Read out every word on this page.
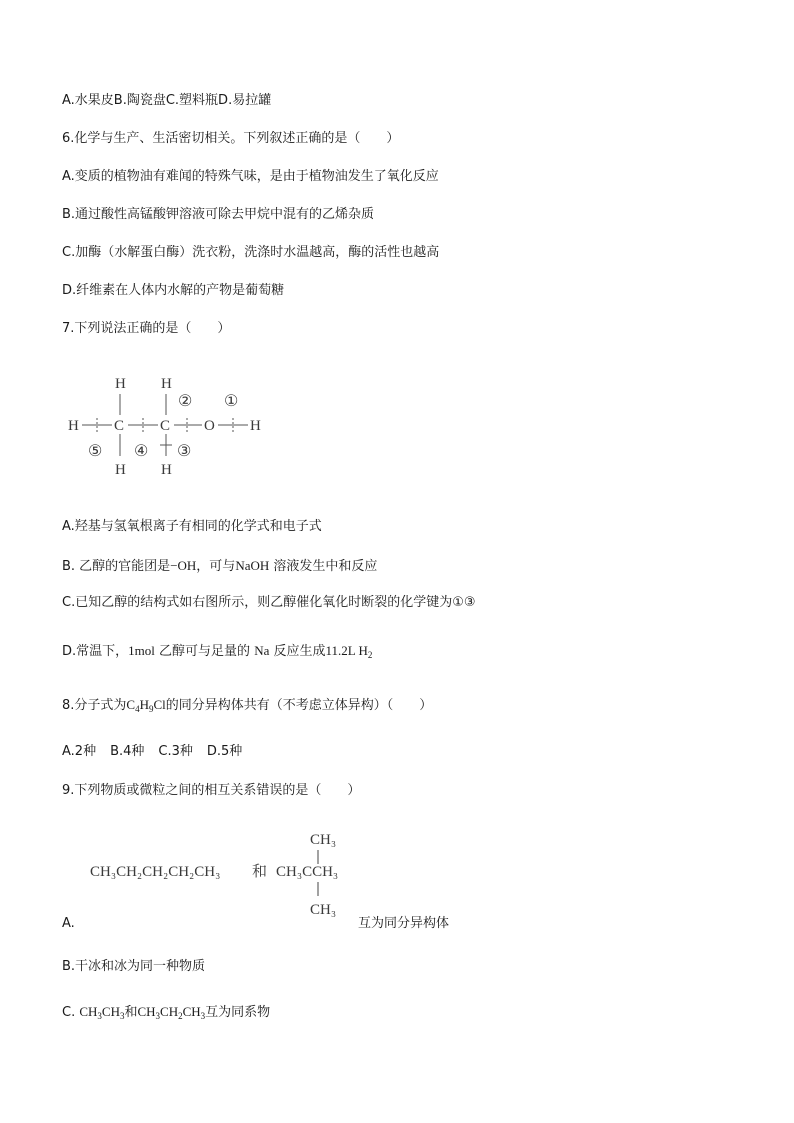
A.水果皮B.陶瓷盘C.塑料瓶D.易拉罐
6.化学与生产、生活密切相关。下列叙述正确的是（　　）
A.变质的植物油有难闻的特殊气味，是由于植物油发生了氧化反应
B.通过酸性高锰酸钾溶液可除去甲烷中混有的乙烯杂质
C.加酶（水解蛋白酶）洗衣粉，洗涤时水温越高，酶的活性也越高
D.纤维素在人体内水解的产物是葡萄糖
7.下列说法正确的是（　　）
H H
H C C O H
H H
①
②
③
④
⑤
A.羟基与氢氧根离子有相同的化学式和电子式
B. 乙醇的官能团是−OH，可与NaOH 溶液发生中和反应
C.已知乙醇的结构式如右图所示，则乙醇催化氧化时断裂的化学键为①③
D.常温下，1mol 乙醇可与足量的 Na 反应生成11.2L $H_2$
8.分子式为$C_4H_9Cl$的同分异构体共有（不考虑立体异构）（　　）
A.2种 B.4种 C.3种 D.5种
9.下列物质或微粒之间的相互关系错误的是（　　）
CH₃
CH₃CH₂CH₂CH₂CH₃ 和 CH₃CCH₃
CH₃
A.	互为同分异构体
B.干冰和冰为同一种物质
C. $CH_3CH_3$和$CH_3CH_2CH_3$互为同系物
